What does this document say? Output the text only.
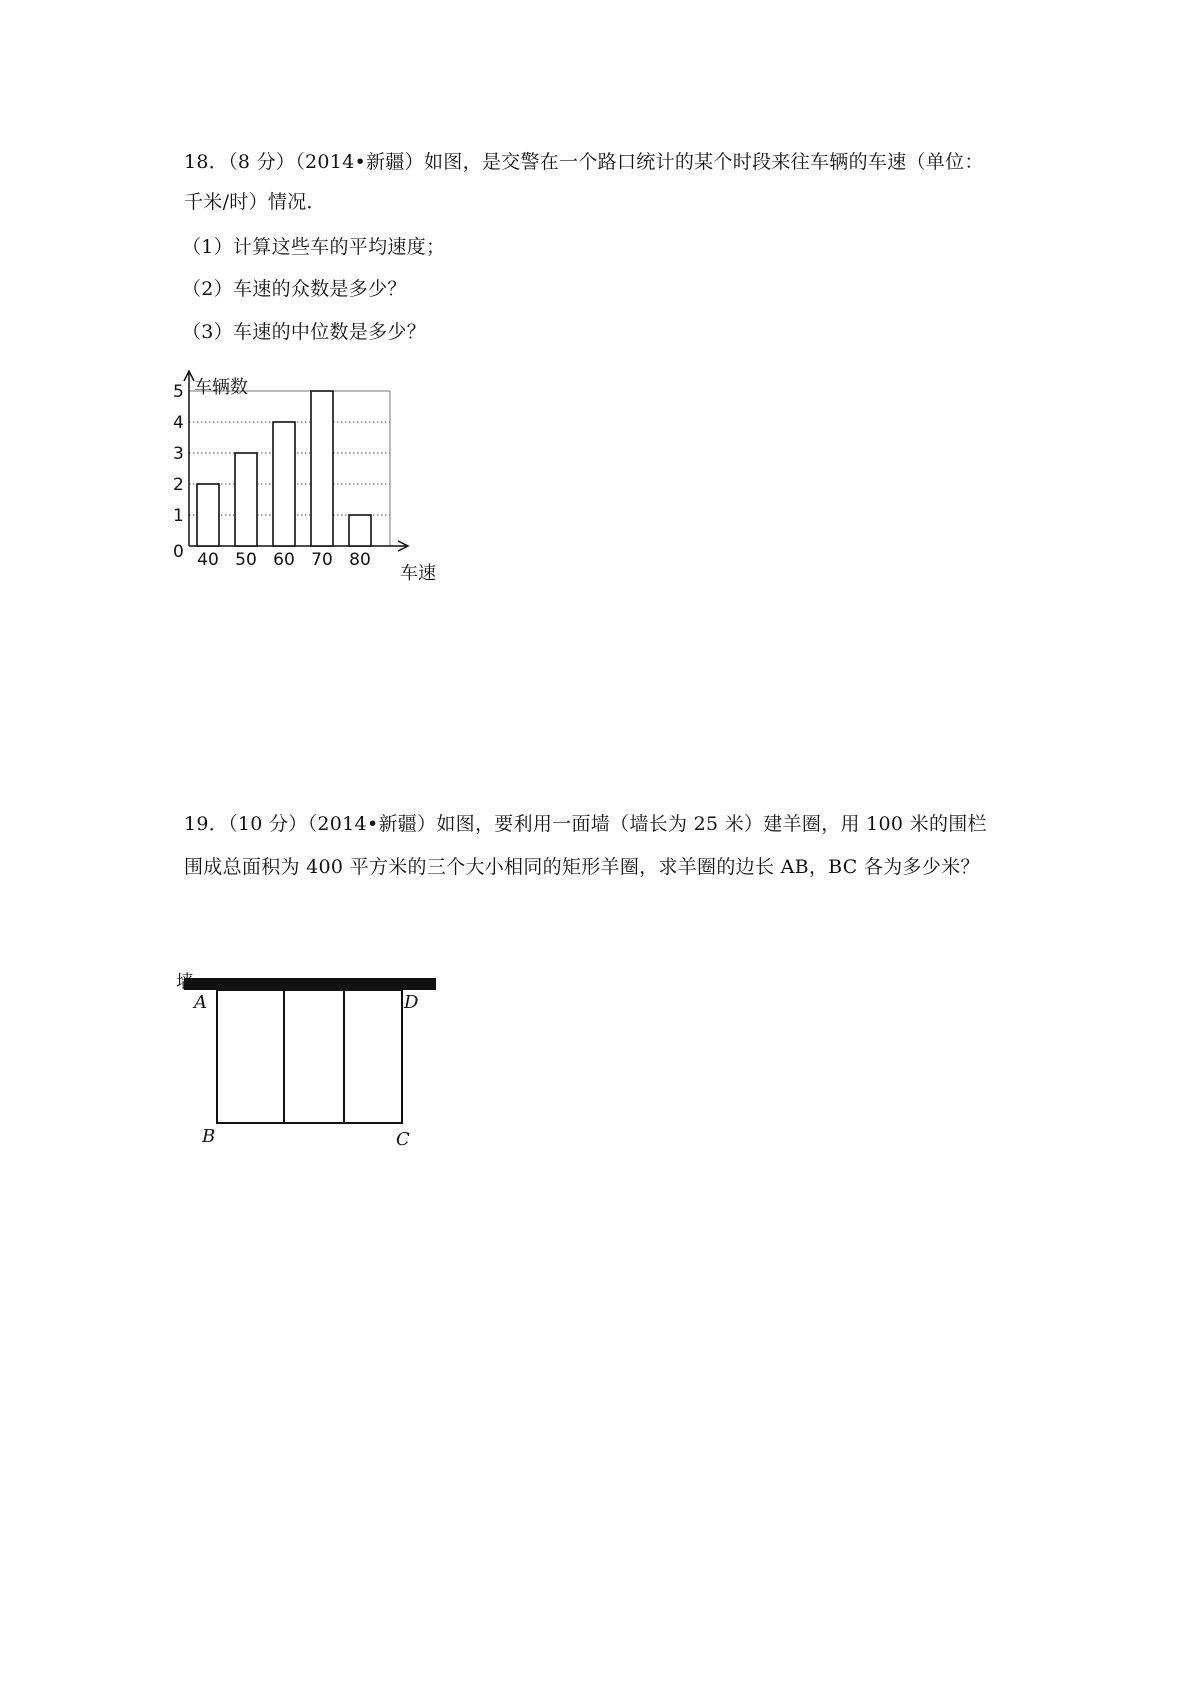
18．（8 分）（2014•新疆）如图，是交警在一个路口统计的某个时段来往车辆的车速（单位：
千米/时）情况．
（1）计算这些车的平均速度；
（2）车速的众数是多少？
（3）车速的中位数是多少？
0
1
2
3
4
5
40 50 60 70 80
车辆数
车速
19．（10 分）（2014•新疆）如图，要利用一面墙（墙长为 25 米）建羊圈，用 100 米的围栏
围成总面积为 400 平方米的三个大小相同的矩形羊圈，求羊圈的边长 AB，BC 各为多少米？
墙
A	D
B	C
